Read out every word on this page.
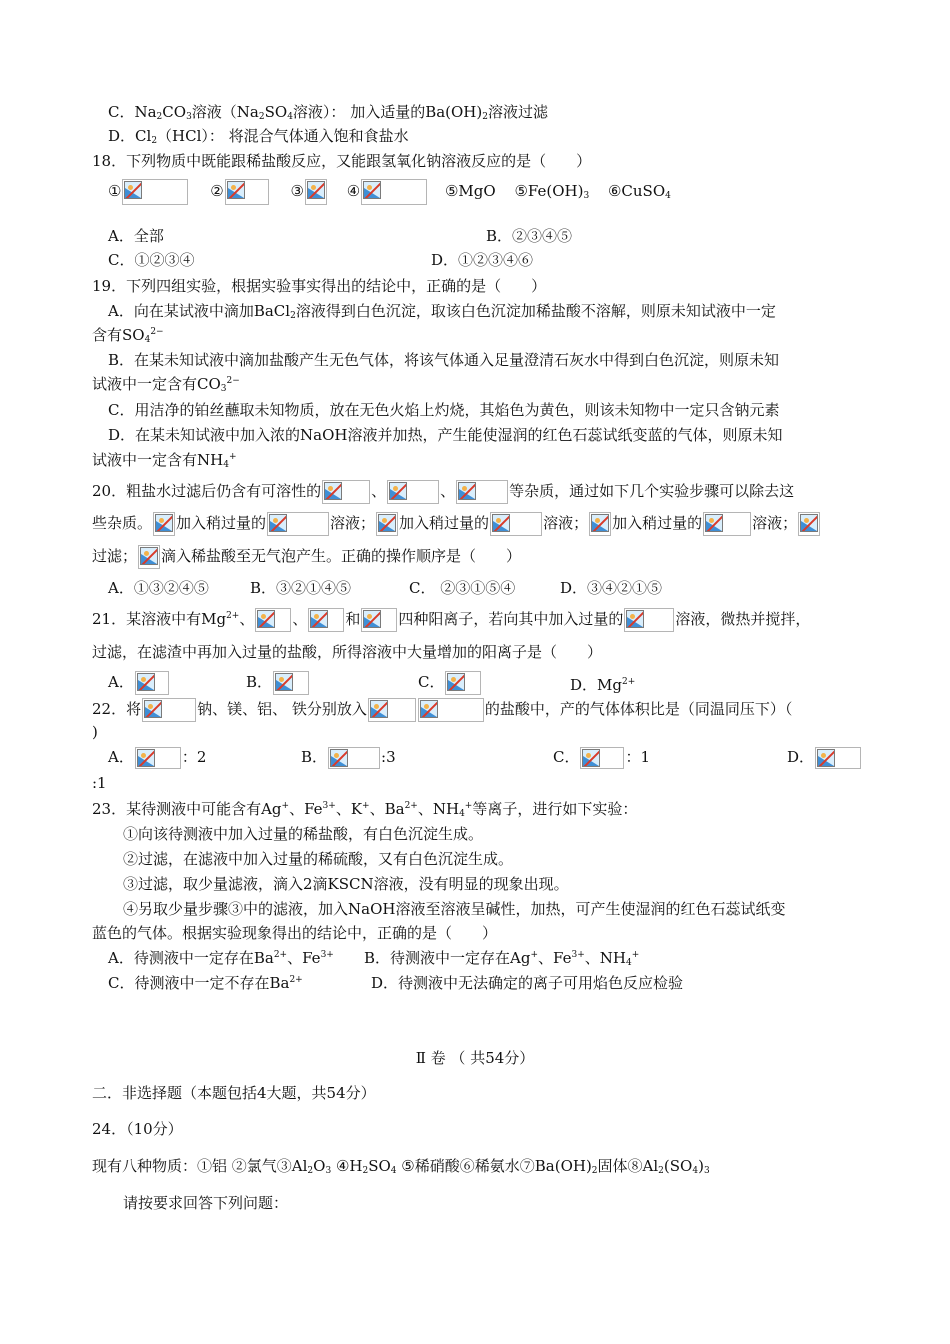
C．$Na_2CO_3$溶液（$Na_2SO_4$溶液）： 加入适量的$Ba(OH)_2$溶液过滤
D．$Cl_2(HCl)$： 将混合气体通入饱和食盐水
18．下列物质中既能跟稀盐酸反应，又能跟氢氧化钠溶液反应的是（　　）
①	②	③	④	⑤MgO $⑤Fe(OH)_3$ ⑥CuSO$_4$
A．全部	B．②③④⑤
C．①②③④	D．①②③④⑥
19．下列四组实验，根据实验事实得出的结论中，正确的是（　　）
A．向在某试液中滴加BaCl$_2$溶液得到白色沉淀，取该白色沉淀加稀盐酸不溶解，则原未知试液中一定
含有$SO_4^{2-}$
B．在某未知试液中滴加盐酸产生无色气体，将该气体通入足量澄清石灰水中得到白色沉淀，则原未知
试液中一定含有$CO_3^{2-}$
C．用洁净的铂丝蘸取未知物质，放在无色火焰上灼烧，其焰色为黄色，则该未知物中一定只含钠元素
D．在某未知试液中加入浓的NaOH溶液并加热，产生能使湿润的红色石蕊试纸变蓝的气体，则原未知
试液中一定含有$NH_4^+$
20．粗盐水过滤后仍含有可溶性的	、	、	等杂质，通过如下几个实验步骤可以除去这
些杂质。 加入稍过量的	溶液； 加入稍过量的	溶液； 加入稍过量的	溶液；
过滤； 滴入稀盐酸至无气泡产生。正确的操作顺序是（　　）
A．①③②④⑤	B．③②①④⑤	C． ②③①⑤④	D．③④②①⑤
21．某溶液中有$Mg^{2+}$、	、	和	四种阳离子，若向其中加入过量的	溶液，微热并搅拌，
过滤，在滤渣中再加入过量的盐酸，所得溶液中大量增加的阳离子是（　　）
A．	B．	C．	D．$Mg^{2+}$
22．将	钠、镁、铝、 铁分别放入	的盐酸中，产的气体体积比是（同温同压下）（
)
A．	：2	B．	:3	C．	：1	D．
:1
23．某待测液中可能含有Ag+、$Fe^{3+}$、K+、$Ba^{2+}$、$NH_4^+$等离子，进行如下实验：
①向该待测液中加入过量的稀盐酸，有白色沉淀生成。
②过滤，在滤液中加入过量的稀硫酸，又有白色沉淀生成。
③过滤，取少量滤液，滴入2滴KSCN溶液，没有明显的现象出现。
④另取少量步骤③中的滤液，加入NaOH溶液至溶液呈碱性，加热，可产生使湿润的红色石蕊试纸变
蓝色的气体。根据实验现象得出的结论中，正确的是（　　）
A．待测液中一定存在$Ba^{2+}$、$Fe^{3+}$ B．待测液中一定存在Ag+、$Fe^{3+}$、$NH_4^+$
C．待测液中一定不存在$Ba^{2+}$	D．待测液中无法确定的离子可用焰色反应检验
Ⅱ 卷 （ 共54分）
二．非选择题（本题包括4大题，共54分）
24．（10分）
现有八种物质：①铝 ②氯气$③Al_2O_3$ $④H_2SO_4$ ⑤稀硝酸⑥稀氨水$⑦Ba(OH)_2$固体$⑧Al_2(SO_4)_3$
请按要求回答下列问题：
